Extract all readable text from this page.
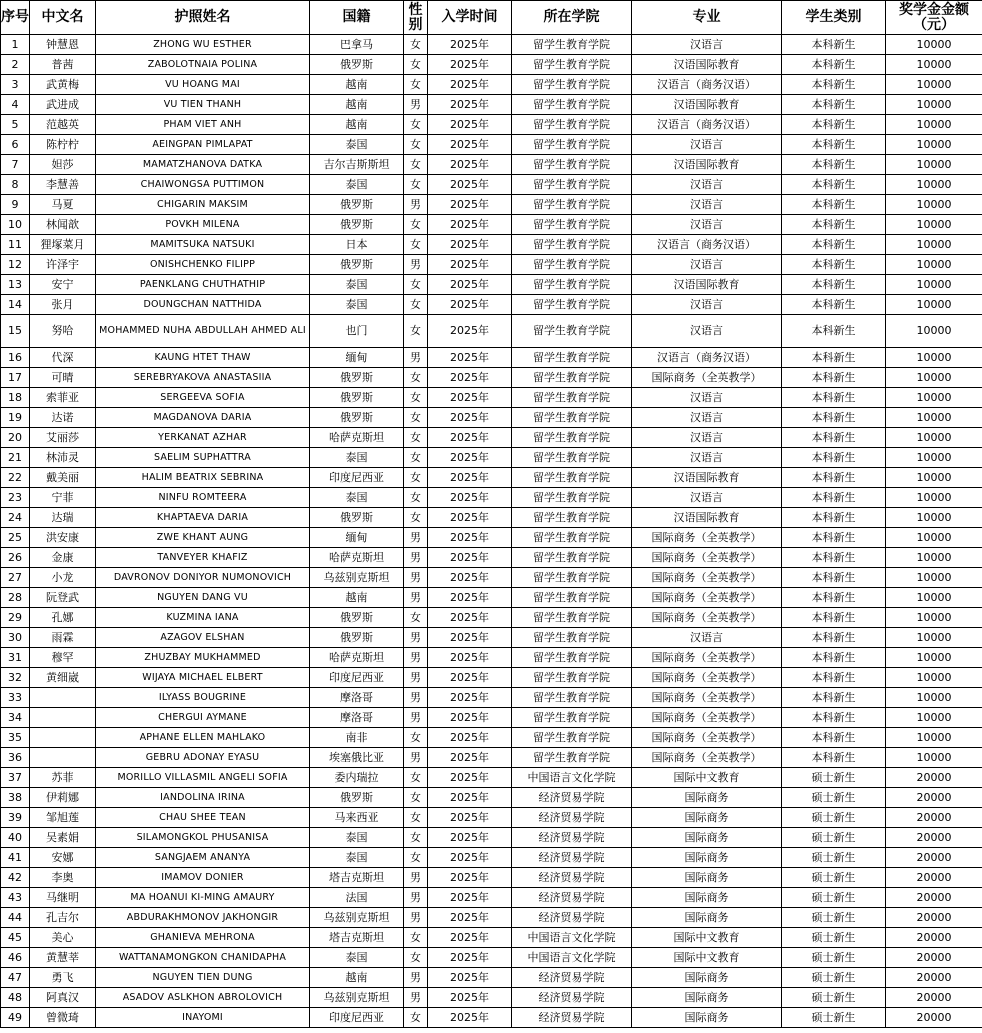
序号	中文名	护照姓名	国籍	性别	入学时间	所在学院	专业	学生类别	奖学金金额（元）
1	钟慧恩	ZHONG WU ESTHER	巴拿马	女	2025年	留学生教育学院	汉语言	本科新生	10000
2	普茜	ZABOLOTNAIA POLINA	俄罗斯	女	2025年	留学生教育学院	汉语国际教育	本科新生	10000
3	武黄梅	VU HOANG MAI	越南	女	2025年	留学生教育学院	汉语言（商务汉语）	本科新生	10000
4	武进成	VU TIEN THANH	越南	男	2025年	留学生教育学院	汉语国际教育	本科新生	10000
5	范越英	PHAM VIET ANH	越南	女	2025年	留学生教育学院	汉语言（商务汉语）	本科新生	10000
6	陈柠柠	AEINGPAN PIMLAPAT	泰国	女	2025年	留学生教育学院	汉语言	本科新生	10000
7	妲莎	MAMATZHANOVA DATKA	吉尔吉斯斯坦	女	2025年	留学生教育学院	汉语国际教育	本科新生	10000
8	李慧善	CHAIWONGSA PUTTIMON	泰国	女	2025年	留学生教育学院	汉语言	本科新生	10000
9	马夏	CHIGARIN MAKSIM	俄罗斯	男	2025年	留学生教育学院	汉语言	本科新生	10000
10	林闻歆	POVKH MILENA	俄罗斯	女	2025年	留学生教育学院	汉语言	本科新生	10000
11	狸塚菜月	MAMITSUKA NATSUKI	日本	女	2025年	留学生教育学院	汉语言（商务汉语）	本科新生	10000
12	许泽宇	ONISHCHENKO FILIPP	俄罗斯	男	2025年	留学生教育学院	汉语言	本科新生	10000
13	安宁	PAENKLANG CHUTHATHIP	泰国	女	2025年	留学生教育学院	汉语国际教育	本科新生	10000
14	张月	DOUNGCHAN NATTHIDA	泰国	女	2025年	留学生教育学院	汉语言	本科新生	10000
15	努哈	MOHAMMED NUHA ABDULLAH AHMED ALI	也门	女	2025年	留学生教育学院	汉语言	本科新生	10000
16	代深	KAUNG HTET THAW	缅甸	男	2025年	留学生教育学院	汉语言（商务汉语）	本科新生	10000
17	可晴	SEREBRYAKOVA ANASTASIIA	俄罗斯	女	2025年	留学生教育学院	国际商务（全英教学）	本科新生	10000
18	索菲亚	SERGEEVA SOFIA	俄罗斯	女	2025年	留学生教育学院	汉语言	本科新生	10000
19	达诺	MAGDANOVA DARIA	俄罗斯	女	2025年	留学生教育学院	汉语言	本科新生	10000
20	艾丽莎	YERKANAT AZHAR	哈萨克斯坦	女	2025年	留学生教育学院	汉语言	本科新生	10000
21	林沛灵	SAELIM SUPHATTRA	泰国	女	2025年	留学生教育学院	汉语言	本科新生	10000
22	戴美丽	HALIM BEATRIX SEBRINA	印度尼西亚	女	2025年	留学生教育学院	汉语国际教育	本科新生	10000
23	宁菲	NINFU ROMTEERA	泰国	女	2025年	留学生教育学院	汉语言	本科新生	10000
24	达瑞	KHAPTAEVA DARIA	俄罗斯	女	2025年	留学生教育学院	汉语国际教育	本科新生	10000
25	洪安康	ZWE KHANT AUNG	缅甸	男	2025年	留学生教育学院	国际商务（全英教学）	本科新生	10000
26	金康	TANVEYER KHAFIZ	哈萨克斯坦	男	2025年	留学生教育学院	国际商务（全英教学）	本科新生	10000
27	小龙	DAVRONOV DONIYOR NUMONOVICH	乌兹别克斯坦	男	2025年	留学生教育学院	国际商务（全英教学）	本科新生	10000
28	阮登武	NGUYEN DANG VU	越南	男	2025年	留学生教育学院	国际商务（全英教学）	本科新生	10000
29	孔娜	KUZMINA IANA	俄罗斯	女	2025年	留学生教育学院	国际商务（全英教学）	本科新生	10000
30	雨霖	AZAGOV ELSHAN	俄罗斯	男	2025年	留学生教育学院	汉语言	本科新生	10000
31	穆罕	ZHUZBAY MUKHAMMED	哈萨克斯坦	男	2025年	留学生教育学院	国际商务（全英教学）	本科新生	10000
32	黄细崴	WIJAYA MICHAEL ELBERT	印度尼西亚	男	2025年	留学生教育学院	国际商务（全英教学）	本科新生	10000
33		ILYASS BOUGRINE	摩洛哥	男	2025年	留学生教育学院	国际商务（全英教学）	本科新生	10000
34		CHERGUI AYMANE	摩洛哥	男	2025年	留学生教育学院	国际商务（全英教学）	本科新生	10000
35		APHANE ELLEN MAHLAKO	南非	女	2025年	留学生教育学院	国际商务（全英教学）	本科新生	10000
36		GEBRU ADONAY EYASU	埃塞俄比亚	男	2025年	留学生教育学院	国际商务（全英教学）	本科新生	10000
37	苏菲	MORILLO VILLASMIL ANGELI SOFIA	委内瑞拉	女	2025年	中国语言文化学院	国际中文教育	硕士新生	20000
38	伊莉娜	IANDOLINA IRINA	俄罗斯	女	2025年	经济贸易学院	国际商务	硕士新生	20000
39	邹旭莲	CHAU SHEE TEAN	马来西亚	女	2025年	经济贸易学院	国际商务	硕士新生	20000
40	吴素娟	SILAMONGKOL PHUSANISA	泰国	女	2025年	经济贸易学院	国际商务	硕士新生	20000
41	安娜	SANGJAEM ANANYA	泰国	女	2025年	经济贸易学院	国际商务	硕士新生	20000
42	李奥	IMAMOV DONIER	塔吉克斯坦	男	2025年	经济贸易学院	国际商务	硕士新生	20000
43	马继明	MA HOANUI KI-MING AMAURY	法国	男	2025年	经济贸易学院	国际商务	硕士新生	20000
44	孔吉尔	ABDURAKHMONOV JAKHONGIR	乌兹别克斯坦	男	2025年	经济贸易学院	国际商务	硕士新生	20000
45	美心	GHANIEVA MEHRONA	塔吉克斯坦	女	2025年	中国语言文化学院	国际中文教育	硕士新生	20000
46	黄慧莘	WATTANAMONGKON CHANIDAPHA	泰国	女	2025年	中国语言文化学院	国际中文教育	硕士新生	20000
47	勇飞	NGUYEN TIEN DUNG	越南	男	2025年	经济贸易学院	国际商务	硕士新生	20000
48	阿真汉	ASADOV ASLKHON ABROLOVICH	乌兹别克斯坦	男	2025年	经济贸易学院	国际商务	硕士新生	20000
49	曾微琦	INAYOMI	印度尼西亚	女	2025年	经济贸易学院	国际商务	硕士新生	20000
